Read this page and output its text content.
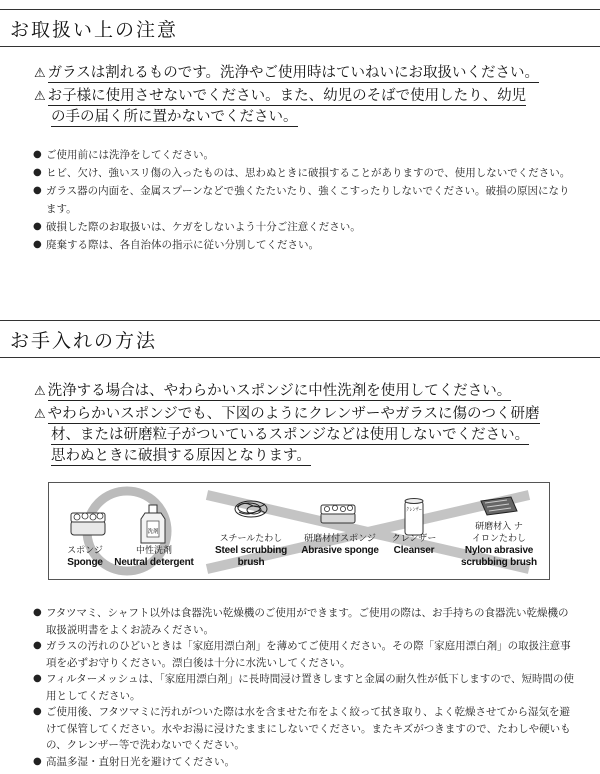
お取扱い上の注意
⚠ ガラスは割れるものです。洗浄やご使用時はていねいにお取扱いください。
⚠ お子様に使用させないでください。また、幼児のそばで使用したり、幼児
の手の届く所に置かないでください。

● ご使用前には洗浄をしてください。

● ヒビ、欠け、強いスリ傷の入ったものは、思わぬときに破損することがありますので、使用しないでください。

● ガラス器の内面を、金属スプーンなどで強くたたいたり、強くこすったりしないでください。破損の原因になります。

● 破損した際のお取扱いは、ケガをしないよう十分ご注意ください。

● 廃棄する際は、各自治体の指示に従い分別してください。

お手入れの方法
⚠ 洗浄する場合は、やわらかいスポンジに中性洗剤を使用してください。
⚠ やわらかいスポンジでも、下図のようにクレンザーやガラスに傷のつく研磨
材、または研磨粒子がついているスポンジなどは使用しないでください。
思わぬときに破損する原因となります。
洗剤
クレンザー
スポンジ
Sponge
中性洗剤
Neutral detergent
スチールたわし
Steel scrubbing brush
研磨材付スポンジ
Abrasive sponge
クレンザー
Cleanser
研磨材入 ナイロンたわし
Nylon abrasive scrubbing brush

● フタツマミ、シャフト以外は食器洗い乾燥機のご使用ができます。ご使用の際は、お手持ちの食器洗い乾燥機の取扱説明書をよくお読みください。

● ガラスの汚れのひどいときは「家庭用漂白剤」を薄めてご使用ください。その際「家庭用漂白剤」の取扱注意事項を必ずお守りください。漂白後は十分に水洗いしてください。

● フィルターメッシュは、「家庭用漂白剤」に長時間浸け置きしますと金属の耐久性が低下しますので、短時間の使用としてください。

● ご使用後、フタツマミに汚れがついた際は水を含ませた布をよく絞って拭き取り、よく乾燥させてから湿気を避けて保管してください。水やお湯に浸けたままにしないでください。またキズがつきますので、たわしや硬いもの、クレンザー等で洗わないでください。

● 高温多湿・直射日光を避けてください。
